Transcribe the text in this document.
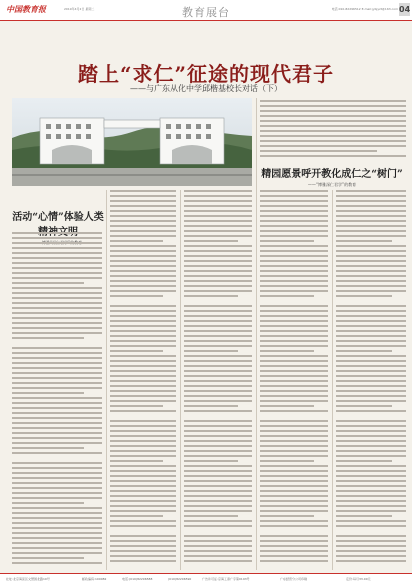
中国教育报	2019年4月2日 星期二	教育展台	电话:010-82296512 E-mail:jybjyzt@163.com 04
踏上“求仁”征途的现代君子
——与广东从化中学邱楷基校长对话（下）
精园愿景呼开教化成仁之“树门”
——“博雅深仁君学”的教育
活动“心情”体验人类
社址:北京海淀区文慧园北路10号	邮政编码:100082	电话:(010)82296588	(010)82296590	广告许可证:京海工商广字第0193号	广东经营分公司印刷	定价:每月33.00元
